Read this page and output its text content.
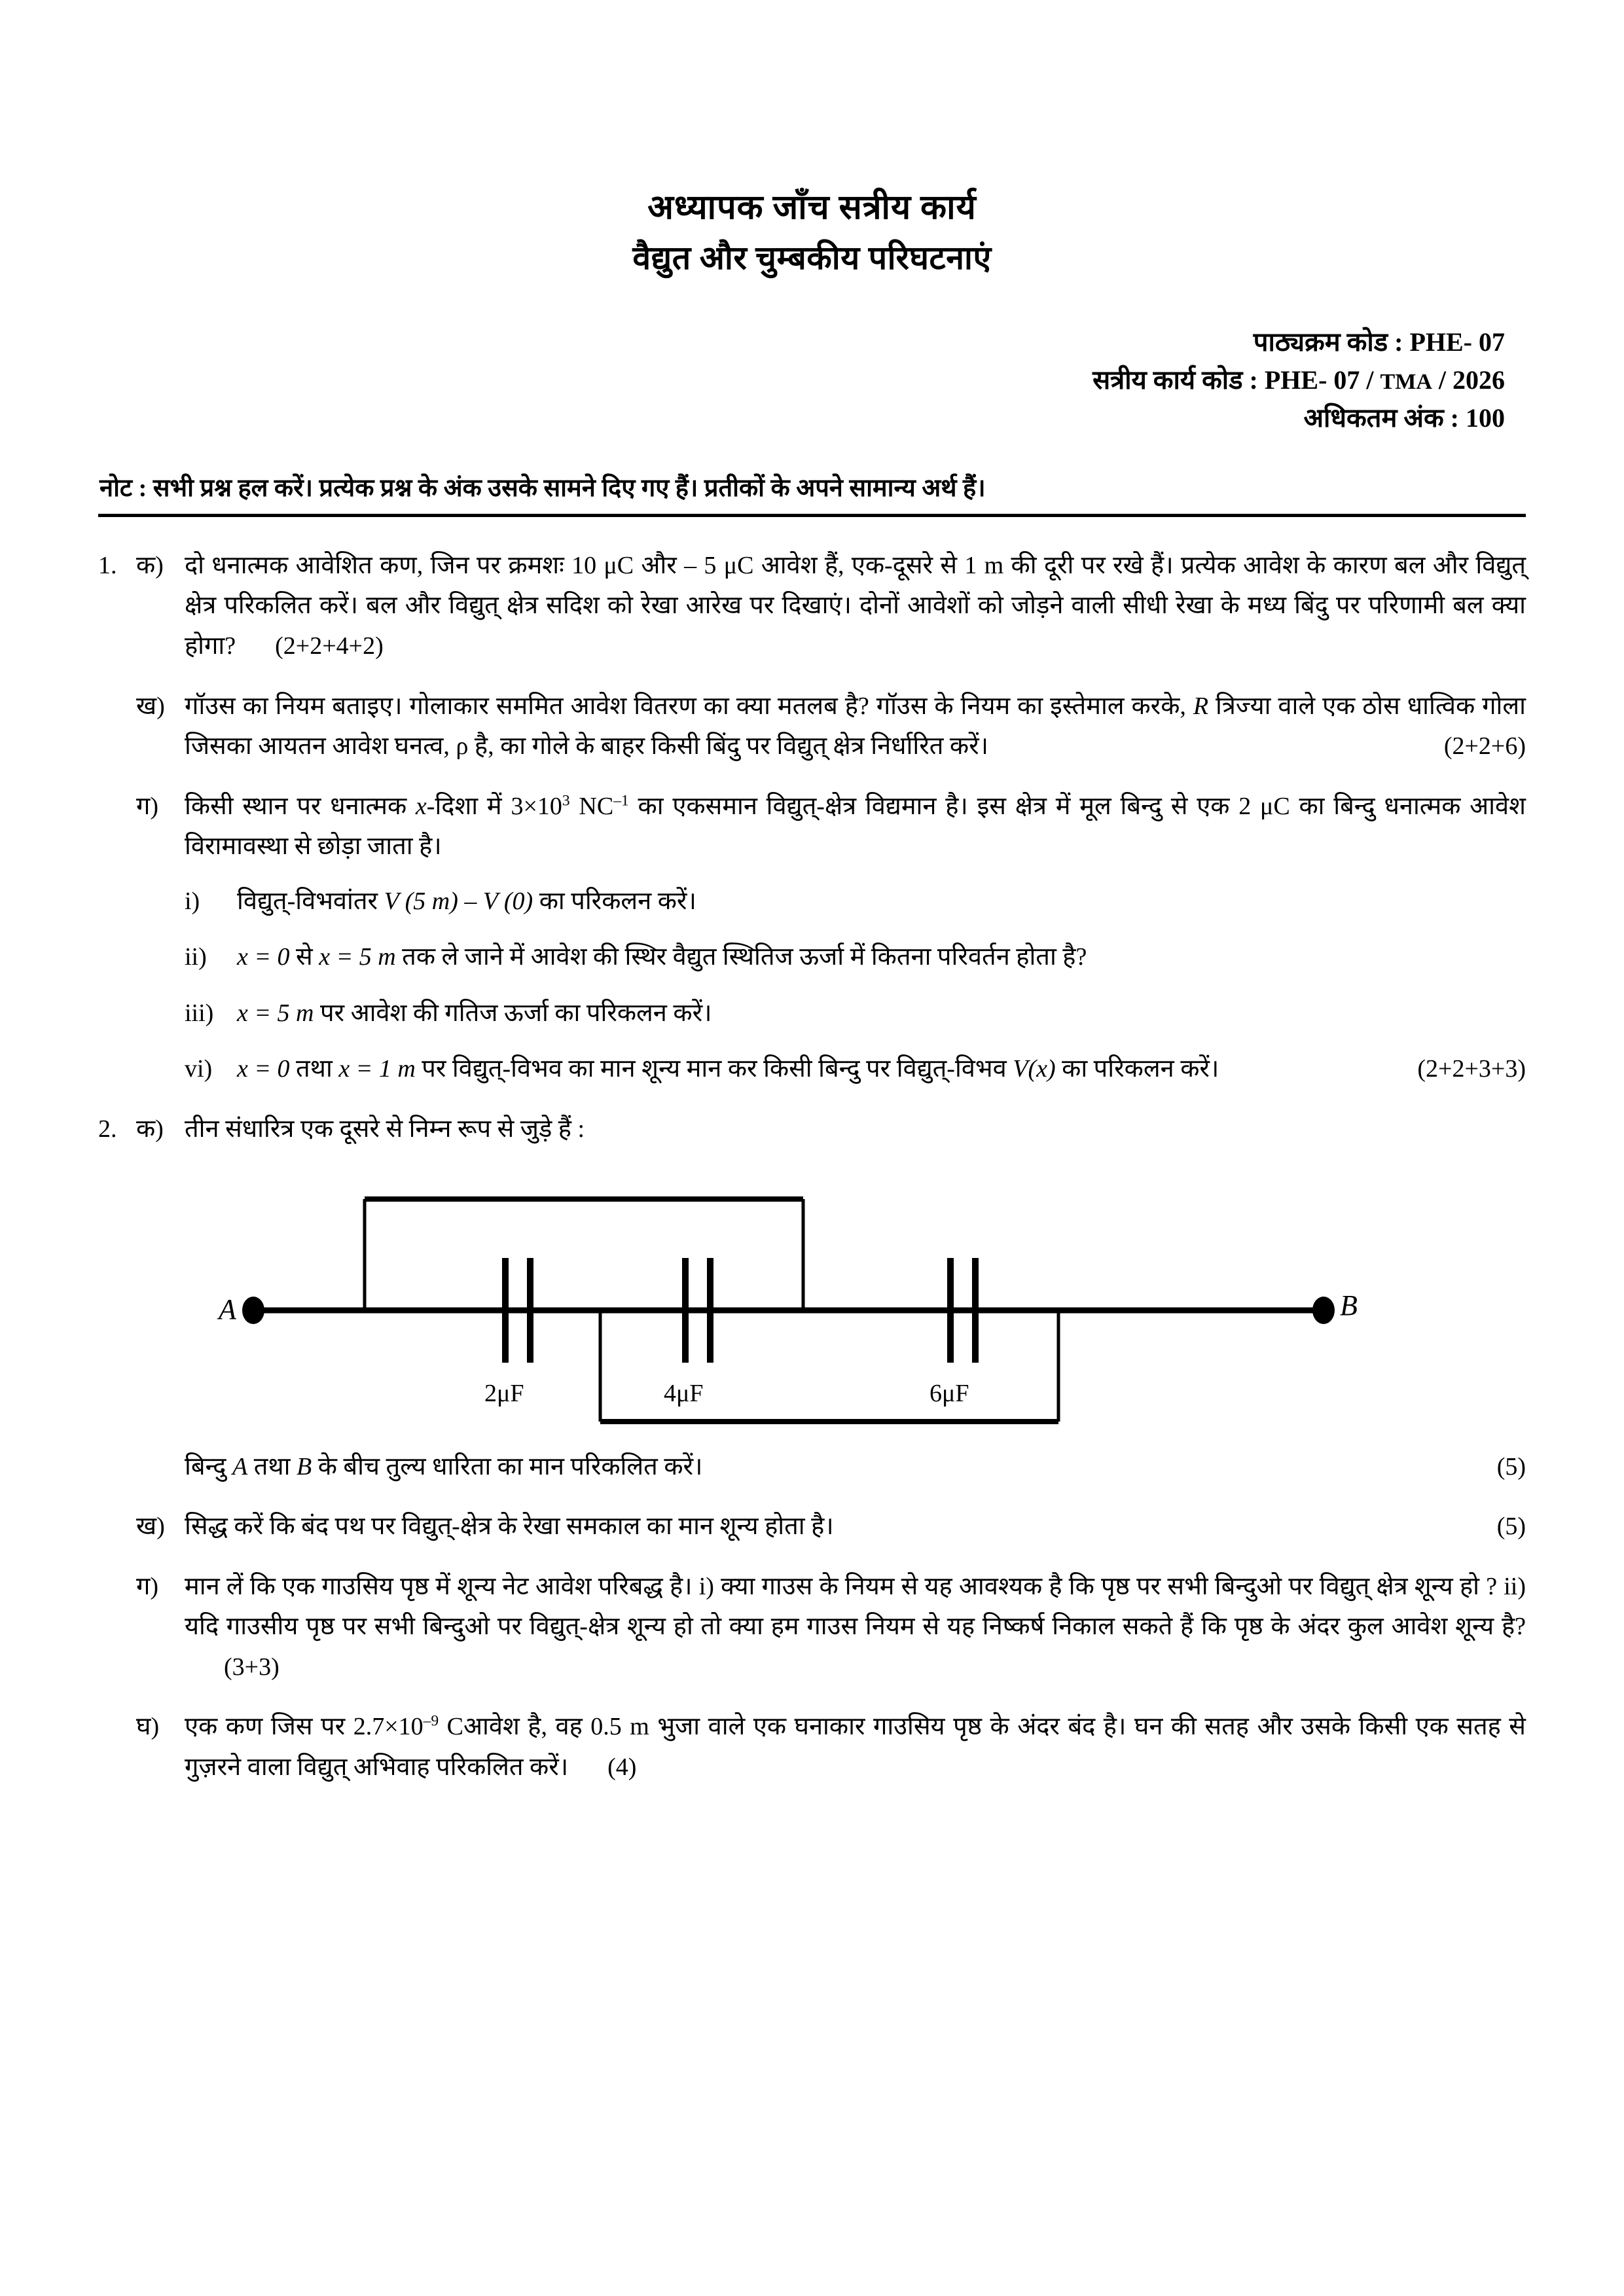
अध्यापक जाँच सत्रीय कार्य
वैद्युत और चुम्बकीय परिघटनाएं
पाठ्यक्रम कोड : PHE- 07
सत्रीय कार्य कोड : PHE- 07 / TMA / 2026
अधिकतम अंक : 100
नोट : सभी प्रश्न हल करें। प्रत्येक प्रश्न के अंक उसके सामने दिए गए हैं। प्रतीकों के अपने सामान्य अर्थ हैं।
1. क) दो धनात्मक आवेशित कण, जिन पर क्रमशः 10 μC और – 5 μC आवेश हैं, एक-दूसरे से 1 m की दूरी पर रखे हैं। प्रत्येक आवेश के कारण बल और विद्युत् क्षेत्र परिकलित करें। बल और विद्युत् क्षेत्र सदिश को रेखा आरेख पर दिखाएं। दोनों आवेशों को जोड़ने वाली सीधी रेखा के मध्य बिंदु पर परिणामी बल क्या होगा? (2+2+4+2)

ख) गॉउस का नियम बताइए। गोलाकार सममित आवेश वितरण का क्या मतलब है? गॉउस के नियम का इस्तेमाल करके, R त्रिज्या वाले एक ठोस धात्विक गोला जिसका आयतन आवेश घनत्व, ρ है, का गोले के बाहर किसी बिंदु पर विद्युत् क्षेत्र निर्धारित करें।	(2+2+6)

ग)	किसी स्थान पर धनात्मक x-दिशा में $3\times 10^3$ $NC^{-1}$ का एकसमान विद्युत्-क्षेत्र विद्यमान है। इस क्षेत्र में मूल बिन्दु से एक 2 μC का बिन्दु धनात्मक आवेश विरामावस्था से छोड़ा जाता है।

i)	विद्युत्-विभवांतर V (5 m) – V (0) का परिकलन करें।
ii)	x = 0 से x = 5 m तक ले जाने में आवेश की स्थिर वैद्युत स्थितिज ऊर्जा में कितना परिवर्तन होता है?
iii) x = 5 m पर आवेश की गतिज ऊर्जा का परिकलन करें।
vi) x = 0 तथा x = 1 m पर विद्युत्-विभव का मान शून्य मान कर किसी बिन्दु पर विद्युत्-विभव V(x) का परिकलन करें।	(2+2+3+3)
2. क) तीन संधारित्र एक दूसरे से निम्न रूप से जुड़े हैं :

A	B
2μF	4μF	6μF

बिन्दु A तथा B के बीच तुल्य धारिता का मान परिकलित करें।	(5)

ख) सिद्ध करें कि बंद पथ पर विद्युत्-क्षेत्र के रेखा समकाल का मान शून्य होता है।	(5)

ग)	मान लें कि एक गाउसिय पृष्ठ में शून्य नेट आवेश परिबद्ध है। i) क्या गाउस के नियम से यह आवश्यक है कि पृष्ठ पर सभी बिन्दुओ पर विद्युत् क्षेत्र शून्य हो ? ii) यदि गाउसीय पृष्ठ पर सभी बिन्दुओ पर विद्युत्-क्षेत्र शून्य हो तो क्या हम गाउस नियम से यह निष्कर्ष निकाल सकते हैं कि पृष्ठ के अंदर कुल आवेश शून्य है?(3+3)

घ)	एक कण जिस पर $2.7\times 10^{-9}$ Cआवेश है, वह 0.5 m भुजा वाले एक घनाकार गाउसिय पृष्ठ के अंदर बंद है। घन की सतह और उसके किसी एक सतह से गुज़रने वाला विद्युत् अभिवाह परिकलित करें। (4)
